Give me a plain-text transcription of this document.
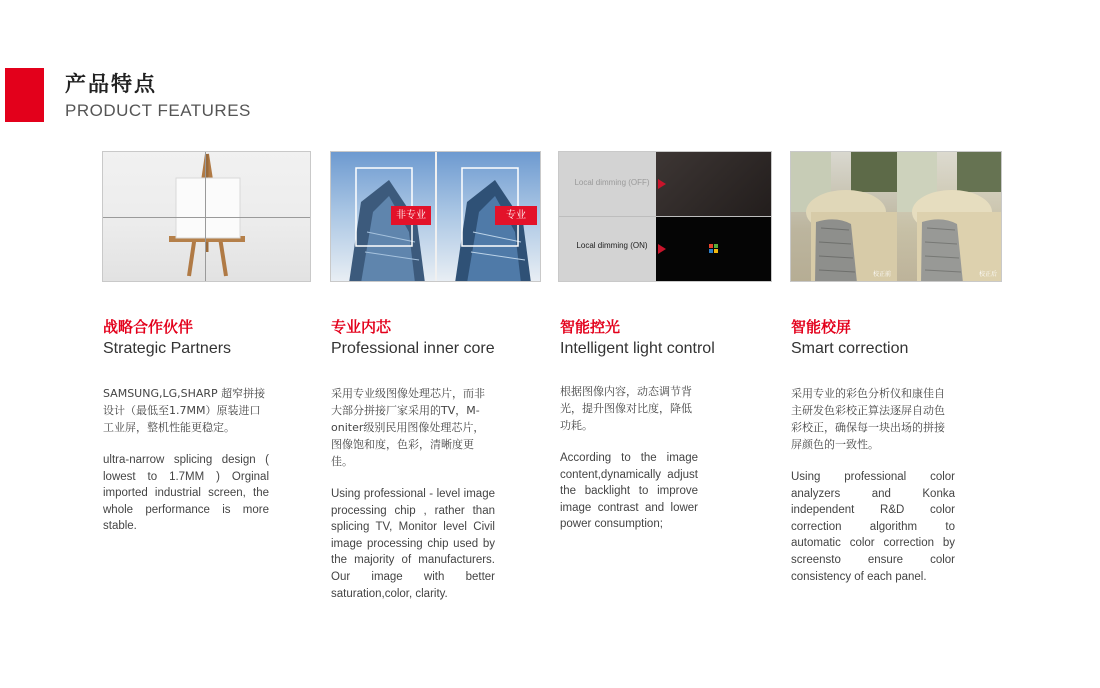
产品特点
PRODUCT FEATURES
非专业	专业
Local dimming (OFF)
Local dimming (ON)
校正前	校正后
战略合作伙伴
Strategic Partners
SAMSUNG,LG,SHARP 超窄拼接设计（最低至1.7MM）原装进口工业屏，整机性能更稳定。
ultra-narrow splicing design ( lowest to 1.7MM ) Orginal imported industrial screen, the whole performance is more stable.
专业内芯
Professional inner core
采用专业级图像处理芯片，而非大部分拼接厂家采用的TV，M-oniter级别民用图像处理芯片，图像饱和度，色彩，清晰度更佳。
Using professional - level image processing chip , rather than splicing TV, Monitor level Civil image processing chip used by the majority of manufacturers. Our image with better saturation,color, clarity.
智能控光
Intelligent light control
根据图像内容，动态调节背光，提升图像对比度，降低功耗。
According to the image content,dynamically adjust the backlight to improve image contrast and lower power consumption;
智能校屏
Smart correction
采用专业的彩色分析仪和康佳自主研发色彩校正算法逐屏自动色彩校正，确保每一块出场的拼接屏颜色的一致性。
Using professional color analyzers and Konka independent R&D color correction algorithm to automatic color correction by screensto ensure color consistency of each panel.
